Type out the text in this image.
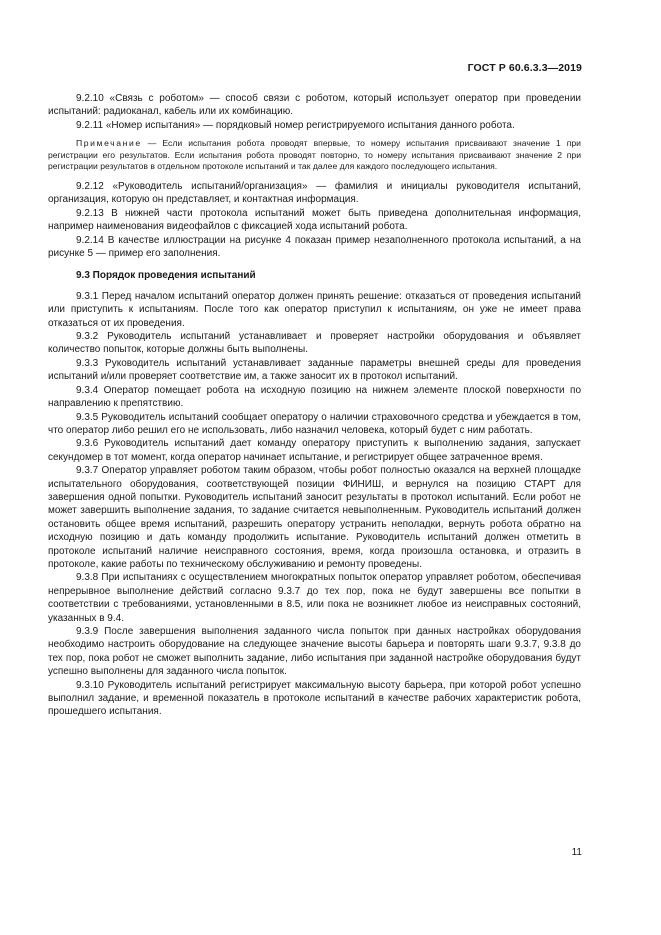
ГОСТ Р 60.6.3.3—2019

9.2.10 «Связь с роботом» — способ связи с роботом, который использует оператор при проведении испытаний: радиоканал, кабель или их комбинацию.

9.2.11 «Номер испытания» — порядковый номер регистрируемого испытания данного робота.

Примечание — Если испытания робота проводят впервые, то номеру испытания присваивают значение 1 при регистрации его результатов. Если испытания робота проводят повторно, то номеру испытания присваивают значение 2 при регистрации результатов в отдельном протоколе испытаний и так далее для каждого последующего испытания.

9.2.12 «Руководитель испытаний/организация» — фамилия и инициалы руководителя испытаний, организация, которую он представляет, и контактная информация.

9.2.13 В нижней части протокола испытаний может быть приведена дополнительная информация, например наименования видеофайлов с фиксацией хода испытаний робота.

9.2.14 В качестве иллюстрации на рисунке 4 показан пример незаполненного протокола испытаний, а на рисунке 5 — пример его заполнения.

9.3 Порядок проведения испытаний

9.3.1 Перед началом испытаний оператор должен принять решение: отказаться от проведения испытаний или приступить к испытаниям. После того как оператор приступил к испытаниям, он уже не имеет права отказаться от их проведения.

9.3.2 Руководитель испытаний устанавливает и проверяет настройки оборудования и объявляет количество попыток, которые должны быть выполнены.

9.3.3 Руководитель испытаний устанавливает заданные параметры внешней среды для проведения испытаний и/или проверяет соответствие им, а также заносит их в протокол испытаний.

9.3.4 Оператор помещает робота на исходную позицию на нижнем элементе плоской поверхности по направлению к препятствию.

9.3.5 Руководитель испытаний сообщает оператору о наличии страховочного средства и убеждается в том, что оператор либо решил его не использовать, либо назначил человека, который будет с ним работать.

9.3.6 Руководитель испытаний дает команду оператору приступить к выполнению задания, запускает секундомер в тот момент, когда оператор начинает испытание, и регистрирует общее затраченное время.

9.3.7 Оператор управляет роботом таким образом, чтобы робот полностью оказался на верхней площадке испытательного оборудования, соответствующей позиции ФИНИШ, и вернулся на позицию СТАРТ для завершения одной попытки. Руководитель испытаний заносит результаты в протокол испытаний. Если робот не может завершить выполнение задания, то задание считается невыполненным. Руководитель испытаний должен остановить общее время испытаний, разрешить оператору устранить неполадки, вернуть робота обратно на исходную позицию и дать команду продолжить испытание. Руководитель испытаний должен отметить в протоколе испытаний наличие неисправного состояния, время, когда произошла остановка, и отразить в протоколе, какие работы по техническому обслуживанию и ремонту проведены.

9.3.8 При испытаниях с осуществлением многократных попыток оператор управляет роботом, обеспечивая непрерывное выполнение действий согласно 9.3.7 до тех пор, пока не будут завершены все попытки в соответствии с требованиями, установленными в 8.5, или пока не возникнет любое из неисправных состояний, указанных в 9.4.

9.3.9 После завершения выполнения заданного числа попыток при данных настройках оборудования необходимо настроить оборудование на следующее значение высоты барьера и повторять шаги 9.3.7, 9.3.8 до тех пор, пока робот не сможет выполнить задание, либо испытания при заданной настройке оборудования будут успешно выполнены для заданного числа попыток.

9.3.10 Руководитель испытаний регистрирует максимальную высоту барьера, при которой робот успешно выполнил задание, и временной показатель в протоколе испытаний в качестве рабочих характеристик робота, прошедшего испытания.

11
